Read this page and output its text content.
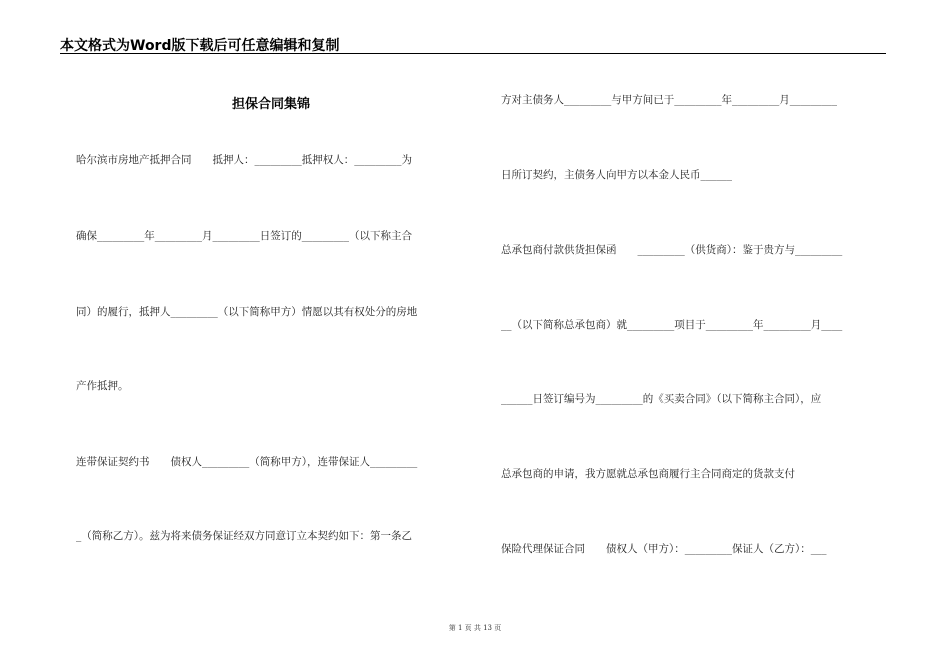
本文格式为Word版下载后可任意编辑和复制
担保合同集锦
哈尔滨市房地产抵押合同　　抵押人：_________抵押权人：_________为
确保_________年_________月_________日签订的_________（以下称主合
同）的履行，抵押人_________（以下简称甲方）情愿以其有权处分的房地
产作抵押。
连带保证契约书　　债权人_________（简称甲方），连带保证人_________
_（简称乙方）。兹为将来债务保证经双方同意订立本契约如下：第一条乙
方对主债务人_________与甲方间已于_________年_________月_________
日所订契约，主债务人向甲方以本金人民币______
总承包商付款供货担保函　　_________（供货商）：鉴于贵方与_________
__（以下简称总承包商）就_________项目于_________年_________月____
______日签订编号为_________的《买卖合同》（以下简称主合同），应
总承包商的申请，我方愿就总承包商履行主合同商定的货款支付
保险代理保证合同　　债权人（甲方）：_________保证人（乙方）：___
第 1 页 共 13 页
